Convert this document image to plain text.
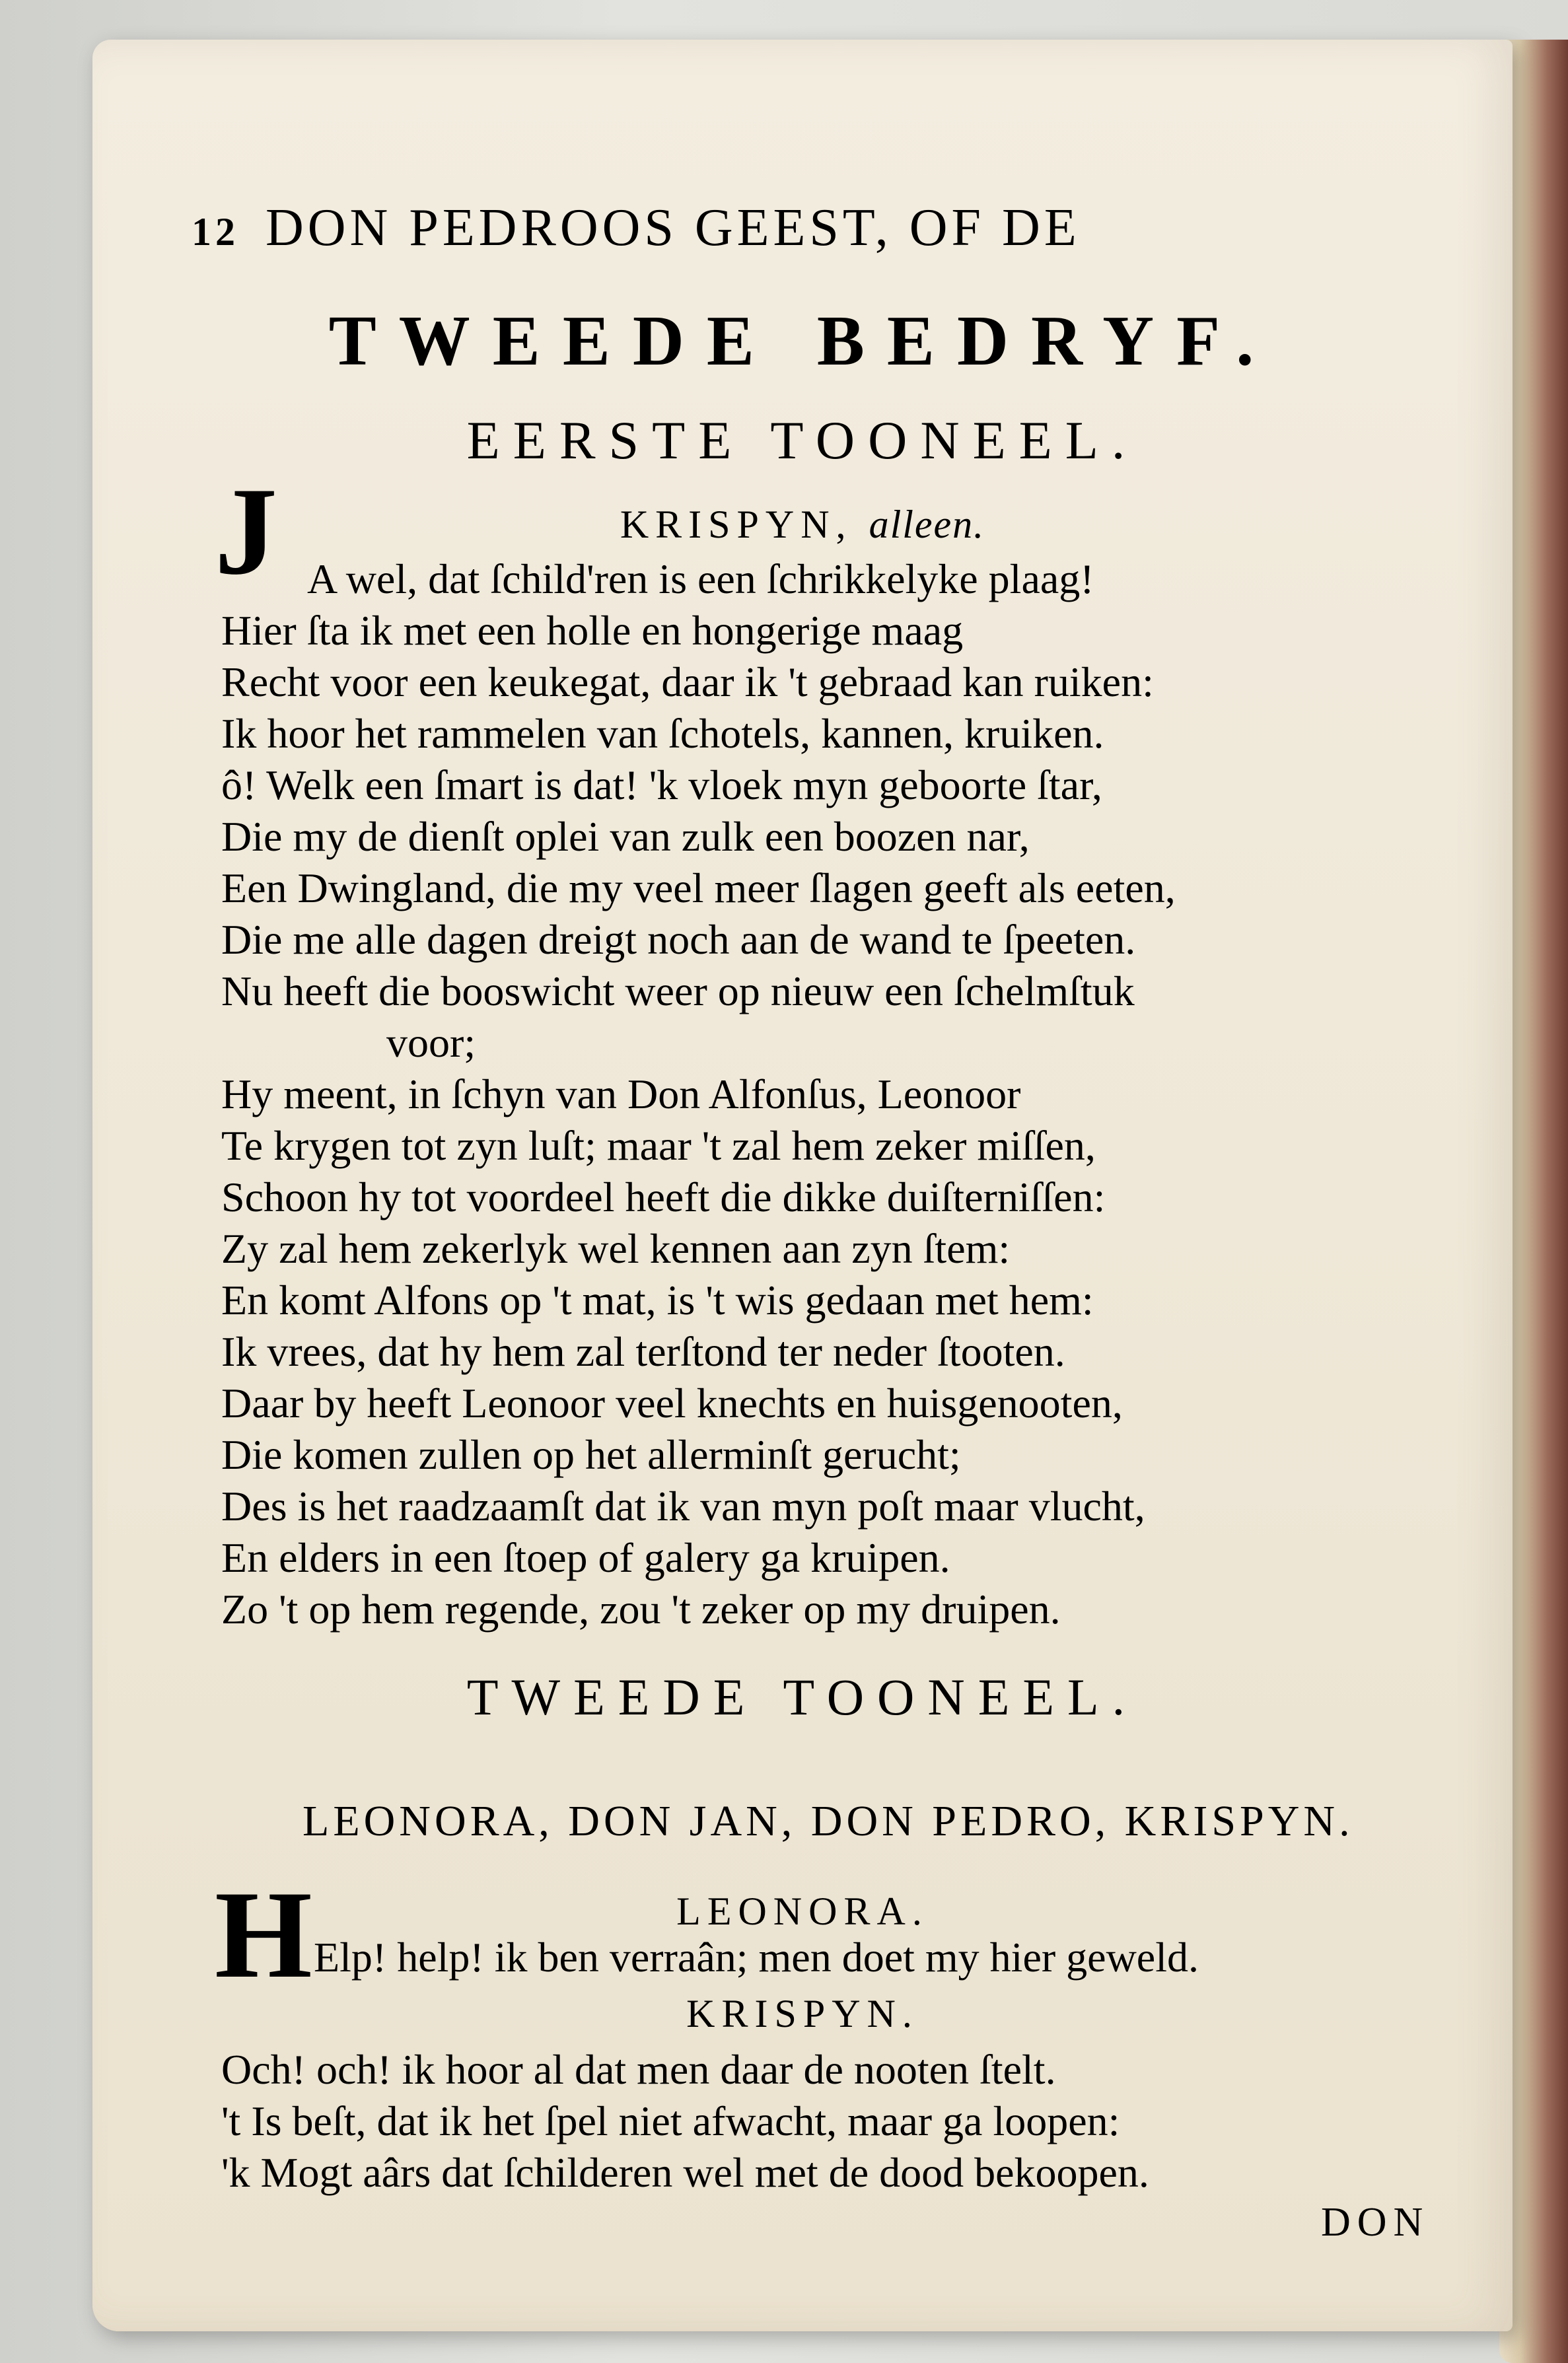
12 DON PEDROOS GEEST, OF DE
TWEEDE BEDRYF.
EERSTE TOONEEL.
KRISPYN, alleen.
J A wel, dat ſchild'ren is een ſchrikkelyke plaag!
Hier ſta ik met een holle en hongerige maag
Recht voor een keukegat, daar ik 't gebraad kan ruiken:
Ik hoor het rammelen van ſchotels, kannen, kruiken.
ô! Welk een ſmart is dat! 'k vloek myn geboorte ſtar,
Die my de dienſt oplei van zulk een boozen nar,
Een Dwingland, die my veel meer ſlagen geeft als eeten,
Die me alle dagen dreigt noch aan de wand te ſpeeten.
Nu heeft die booswicht weer op nieuw een ſchelmſtuk
voor;
Hy meent, in ſchyn van Don Alfonſus, Leonoor
Te krygen tot zyn luſt; maar 't zal hem zeker miſſen,
Schoon hy tot voordeel heeft die dikke duiſterniſſen:
Zy zal hem zekerlyk wel kennen aan zyn ſtem:
En komt Alfons op 't mat, is 't wis gedaan met hem:
Ik vrees, dat hy hem zal terſtond ter neder ſtooten.
Daar by heeft Leonoor veel knechts en huisgenooten,
Die komen zullen op het allerminſt gerucht;
Des is het raadzaamſt dat ik van myn poſt maar vlucht,
En elders in een ſtoep of galery ga kruipen.
Zo 't op hem regende, zou 't zeker op my druipen.
TWEEDE TOONEEL.
LEONORA, DON JAN, DON PEDRO, KRISPYN.
LEONORA.
H Elp! help! ik ben verraân; men doet my hier geweld.
KRISPYN.
Och! och! ik hoor al dat men daar de nooten ſtelt.
't Is beſt, dat ik het ſpel niet afwacht, maar ga loopen:
'k Mogt aârs dat ſchilderen wel met de dood bekoopen.
DON
